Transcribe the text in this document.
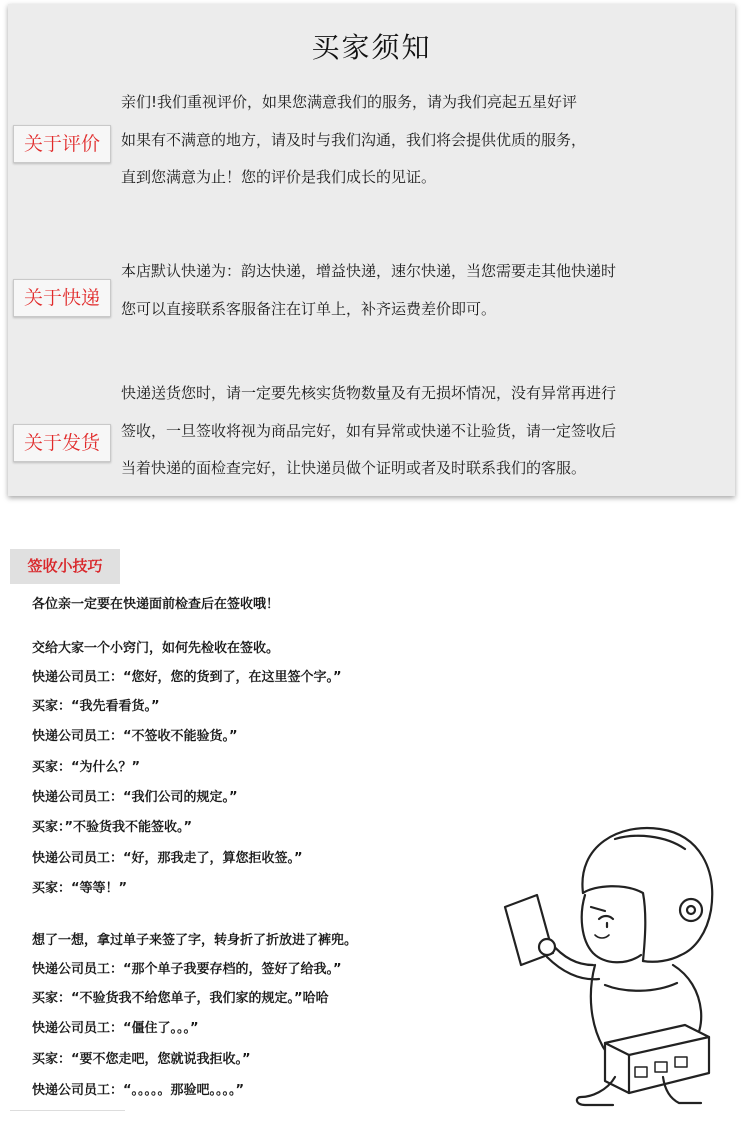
买家须知
关于评价
亲们!我们重视评价，如果您满意我们的服务，请为我们亮起五星好评
如果有不满意的地方，请及时与我们沟通，我们将会提供优质的服务，
直到您满意为止！您的评价是我们成长的见证。
关于快递
本店默认快递为：韵达快递，增益快递，速尔快递，当您需要走其他快递时
您可以直接联系客服备注在订单上，补齐运费差价即可。
关于发货
快递送货您时，请一定要先核实货物数量及有无损坏情况，没有异常再进行
签收，一旦签收将视为商品完好，如有异常或快递不让验货，请一定签收后
当着快递的面检查完好，让快递员做个证明或者及时联系我们的客服。
签收小技巧
各位亲一定要在快递面前检查后在签收哦！
交给大家一个小窍门，如何先检收在签收。
快递公司员工：“您好，您的货到了，在这里签个字。”
买家：“我先看看货。”
快递公司员工：“不签收不能验货。”
买家：“为什么？”
快递公司员工：“我们公司的规定。”
买家：”不验货我不能签收。”
快递公司员工：“好，那我走了，算您拒收签。”
买家：“等等！”
想了一想，拿过单子来签了字，转身折了折放进了裤兜。
快递公司员工：“那个单子我要存档的，签好了给我。”
买家：“不验货我不给您单子，我们家的规定。”哈哈
快递公司员工：“僵住了。。。”
买家：“要不您走吧，您就说我拒收。”
快递公司员工：“。。。。。那验吧。。。。”
